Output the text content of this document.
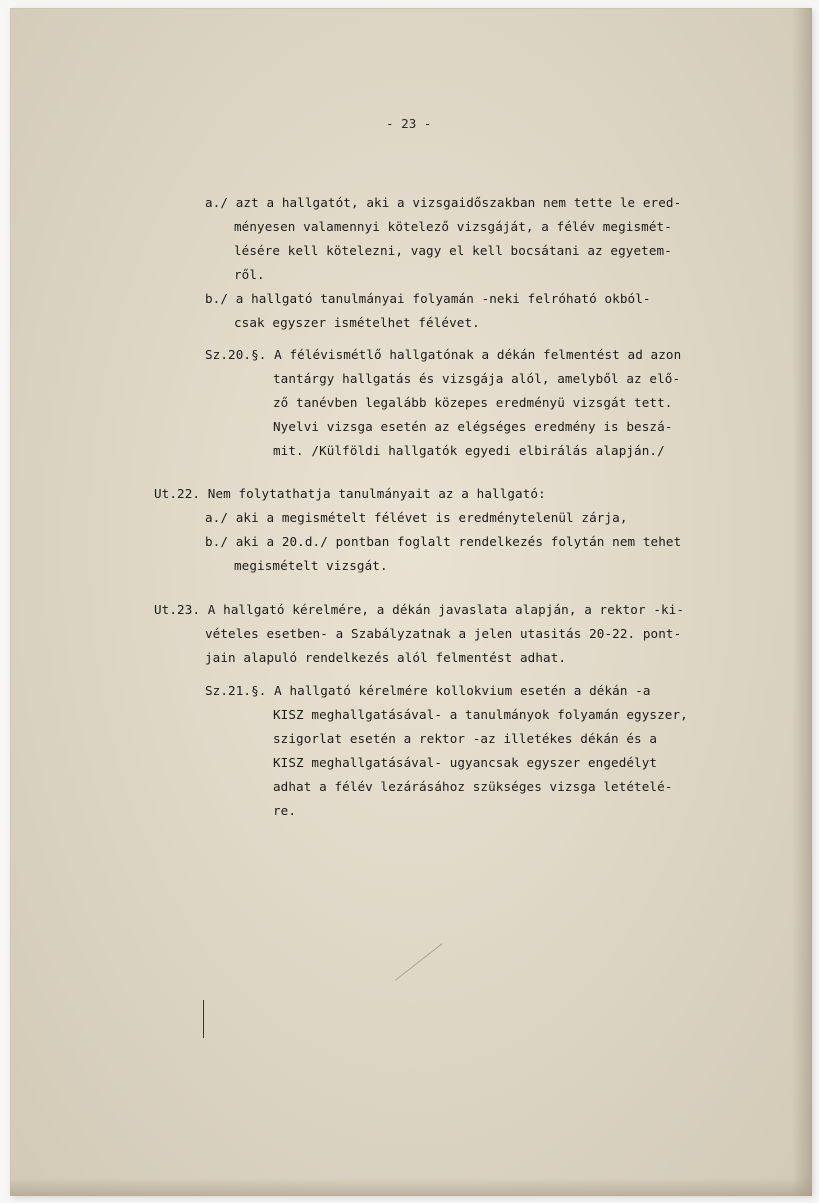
- 23 -
a./ azt a hallgatót, aki a vizsgaidőszakban nem tette le ered-
ményesen valamennyi kötelező vizsgáját, a félév megismét-
lésére kell kötelezni, vagy el kell bocsátani az egyetem-
ről.
b./ a hallgató tanulmányai folyamán -neki felróható okból-
csak egyszer ismételhet félévet.
Sz.20.§. A félévismétlő hallgatónak a dékán felmentést ad azon
tantárgy hallgatás és vizsgája alól, amelyből az elő-
ző tanévben legalább közepes eredményü vizsgát tett.
Nyelvi vizsga esetén az elégséges eredmény is beszá-
mit. /Külföldi hallgatók egyedi elbirálás alapján./
Ut.22. Nem folytathatja tanulmányait az a hallgató:
a./ aki a megismételt félévet is eredménytelenül zárja,
b./ aki a 20.d./ pontban foglalt rendelkezés folytán nem tehet
megismételt vizsgát.
Ut.23. A hallgató kérelmére, a dékán javaslata alapján, a rektor -ki-
vételes esetben- a Szabályzatnak a jelen utasitás 20-22. pont-
jain alapuló rendelkezés alól felmentést adhat.
Sz.21.§. A hallgató kérelmére kollokvium esetén a dékán -a
KISZ meghallgatásával- a tanulmányok folyamán egyszer,
szigorlat esetén a rektor -az illetékes dékán és a
KISZ meghallgatásával- ugyancsak egyszer engedélyt
adhat a félév lezárásához szükséges vizsga letételé-
re.
